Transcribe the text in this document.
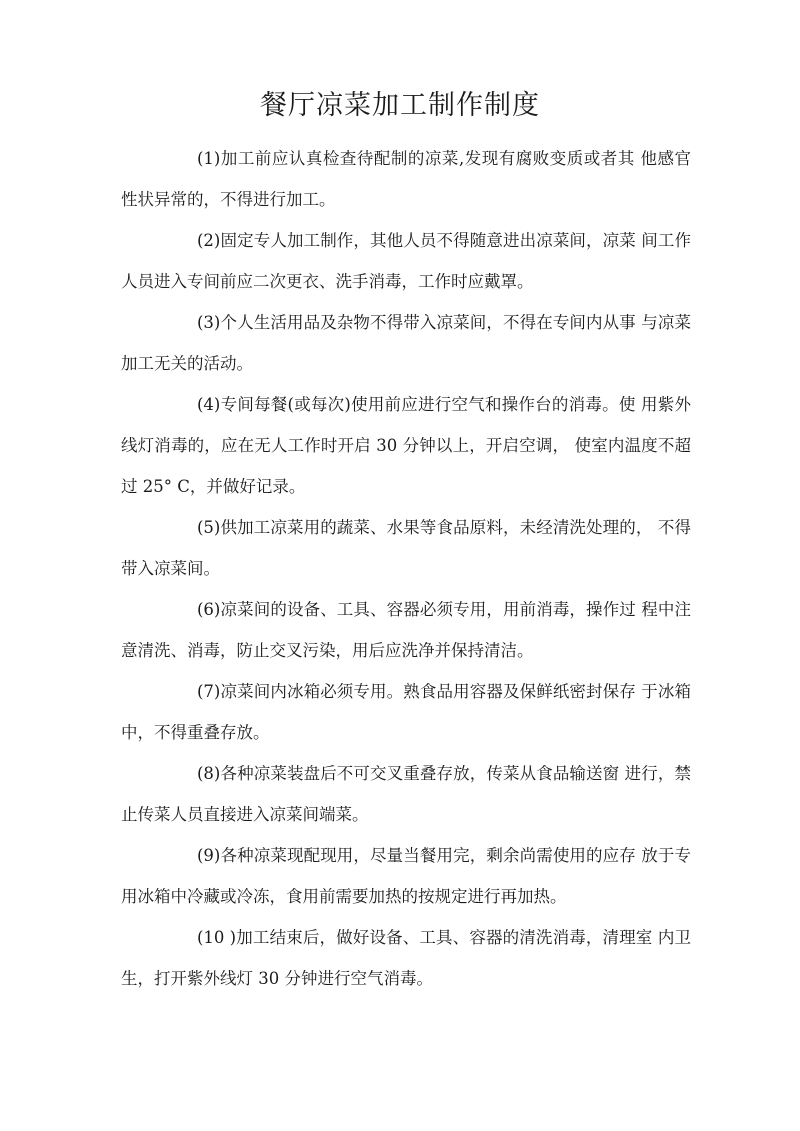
餐厅凉菜加工制作制度

(1)加工前应认真检查待配制的凉菜,发现有腐败变质或者其 他感官性状异常的，不得进行加工。

(2)固定专人加工制作，其他人员不得随意进出凉菜间，凉菜 间工作人员进入专间前应二次更衣、洗手消毒，工作时应戴罩。

(3)个人生活用品及杂物不得带入凉菜间，不得在专间内从事 与凉菜加工无关的活动。

(4)专间每餐(或每次)使用前应进行空气和操作台的消毒。使 用紫外线灯消毒的，应在无人工作时开启 30 分钟以上，开启空调， 使室内温度不超过 25° C，并做好记录。

(5)供加工凉菜用的蔬菜、水果等食品原料，未经清洗处理的， 不得带入凉菜间。

(6)凉菜间的设备、工具、容器必须专用，用前消毒，操作过 程中注意清洗、消毒，防止交叉污染，用后应洗净并保持清洁。

(7)凉菜间内冰箱必须专用。熟食品用容器及保鲜纸密封保存 于冰箱中，不得重叠存放。

(8)各种凉菜装盘后不可交叉重叠存放，传菜从食品输送窗 进行，禁止传菜人员直接进入凉菜间端菜。

(9)各种凉菜现配现用，尽量当餐用完，剩余尚需使用的应存 放于专用冰箱中冷藏或冷冻，食用前需要加热的按规定进行再加热。

(10 )加工结束后，做好设备、工具、容器的清洗消毒，清理室 内卫生，打开紫外线灯 30 分钟进行空气消毒。
